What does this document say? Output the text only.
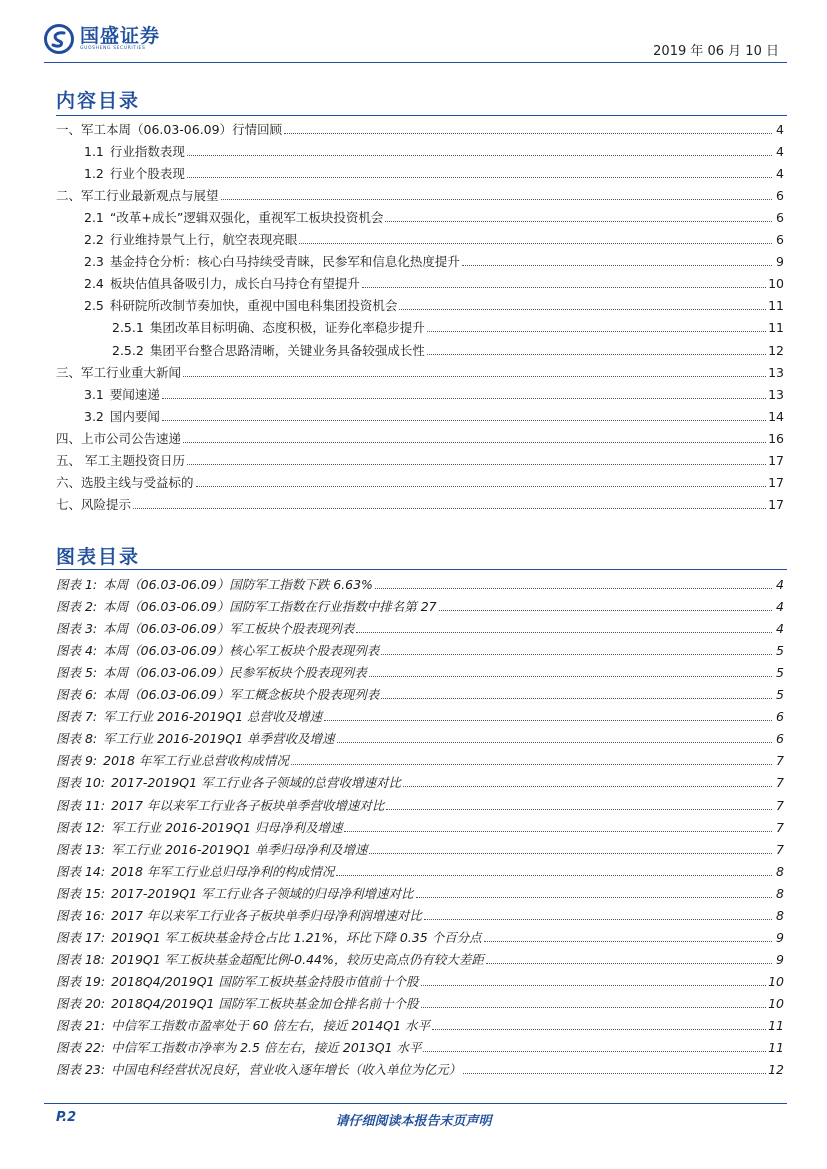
国盛证券
GUOSHENG SECURITIES	2019 年 06 月 10 日
内容目录
一、军工本周（06.03-06.09）行情回顾	4
1.1 行业指数表现	4
1.2 行业个股表现	4
二、军工行业最新观点与展望	6
2.1 “改革+成长”逻辑双强化，重视军工板块投资机会	6
2.2 行业维持景气上行，航空表现亮眼	6
2.3 基金持仓分析：核心白马持续受青睐，民参军和信息化热度提升	9
2.4 板块估值具备吸引力，成长白马持仓有望提升	10
2.5 科研院所改制节奏加快，重视中国电科集团投资机会	11
2.5.1 集团改革目标明确、态度积极，证券化率稳步提升	11
2.5.2 集团平台整合思路清晰，关键业务具备较强成长性	12
三、军工行业重大新闻	13
3.1 要闻速递	13
3.2 国内要闻	14
四、上市公司公告速递	16
五、 军工主题投资日历	17
六、选股主线与受益标的	17
七、风险提示	17
图表目录
图表 1: 本周（06.03-06.09）国防军工指数下跌 6.63%	4
图表 2: 本周（06.03-06.09）国防军工指数在行业指数中排名第 27	4
图表 3: 本周（06.03-06.09）军工板块个股表现列表	4
图表 4: 本周（06.03-06.09）核心军工板块个股表现列表	5
图表 5: 本周（06.03-06.09）民参军板块个股表现列表	5
图表 6: 本周（06.03-06.09）军工概念板块个股表现列表	5
图表 7: 军工行业 2016-2019Q1 总营收及增速	6
图表 8: 军工行业 2016-2019Q1 单季营收及增速	6
图表 9: 2018 年军工行业总营收构成情况	7
图表 10: 2017-2019Q1 军工行业各子领域的总营收增速对比	7
图表 11: 2017 年以来军工行业各子板块单季营收增速对比	7
图表 12: 军工行业 2016-2019Q1 归母净利及增速	7
图表 13: 军工行业 2016-2019Q1 单季归母净利及增速	7
图表 14: 2018 年军工行业总归母净利的构成情况	8
图表 15: 2017-2019Q1 军工行业各子领域的归母净利增速对比	8
图表 16: 2017 年以来军工行业各子板块单季归母净利润增速对比	8
图表 17: 2019Q1 军工板块基金持仓占比 1.21%，环比下降 0.35 个百分点	9
图表 18: 2019Q1 军工板块基金超配比例-0.44%，较历史高点仍有较大差距	9
图表 19: 2018Q4/2019Q1 国防军工板块基金持股市值前十个股	10
图表 20: 2018Q4/2019Q1 国防军工板块基金加仓排名前十个股	10
图表 21: 中信军工指数市盈率处于 60 倍左右，接近 2014Q1 水平	11
图表 22: 中信军工指数市净率为 2.5 倍左右，接近 2013Q1 水平	11
图表 23: 中国电科经营状况良好，营业收入逐年增长（收入单位为亿元）	12
P.2	请仔细阅读本报告末页声明
